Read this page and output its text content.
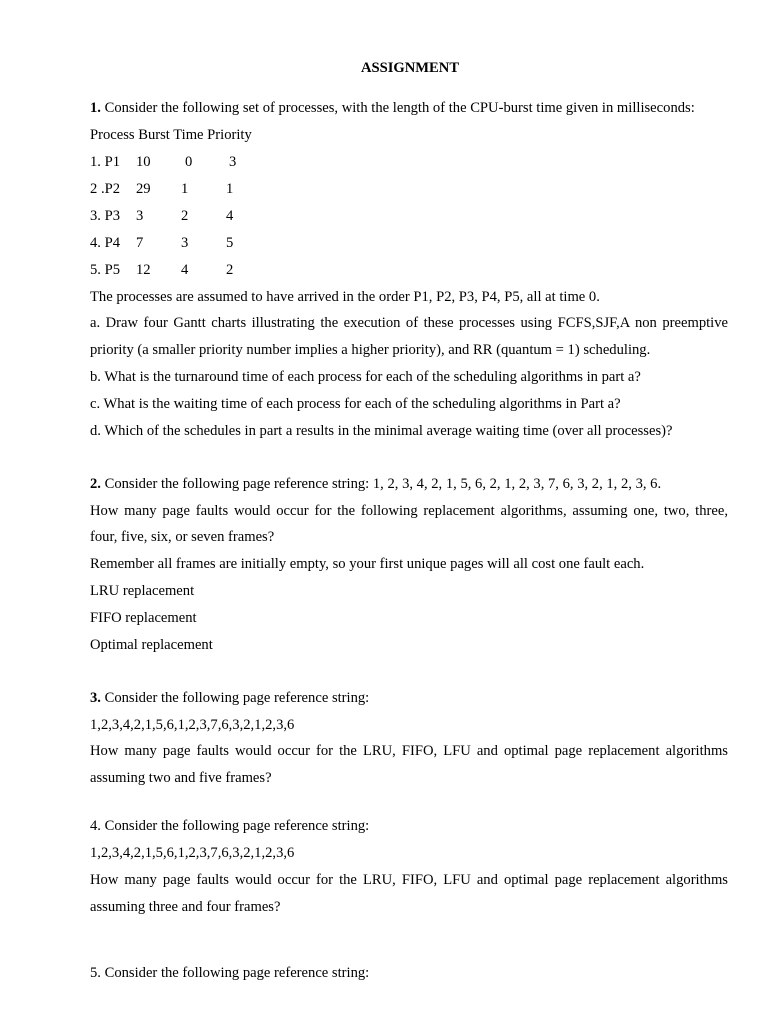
ASSIGNMENT
1. Consider the following set of processes, with the length of the CPU-burst time given in milliseconds:
Process Burst Time Priority
1. P1 10 0	3
2 .P2 29 1	1
3. P3 3	2	4
4. P4 7	3	5
5. P5 12 4	2
The processes are assumed to have arrived in the order P1, P2, P3, P4, P5, all at time 0.
a. Draw four Gantt charts illustrating the execution of these processes using FCFS,SJF,A non preemptive
priority (a smaller priority number implies a higher priority), and RR (quantum = 1) scheduling.
b. What is the turnaround time of each process for each of the scheduling algorithms in part a?
c. What is the waiting time of each process for each of the scheduling algorithms in Part a?
d. Which of the schedules in part a results in the minimal average waiting time (over all processes)?
2. Consider the following page reference string: 1, 2, 3, 4, 2, 1, 5, 6, 2, 1, 2, 3, 7, 6, 3, 2, 1, 2, 3, 6.
How many page faults would occur for the following replacement algorithms, assuming one, two, three,
four, five, six, or seven frames?
Remember all frames are initially empty, so your first unique pages will all cost one fault each.
LRU replacement
FIFO replacement
Optimal replacement
3. Consider the following page reference string:
1,2,3,4,2,1,5,6,1,2,3,7,6,3,2,1,2,3,6
How many page faults would occur for the LRU, FIFO, LFU and optimal page replacement algorithms
assuming two and five frames?
4. Consider the following page reference string:
1,2,3,4,2,1,5,6,1,2,3,7,6,3,2,1,2,3,6
How many page faults would occur for the LRU, FIFO, LFU and optimal page replacement algorithms
assuming three and four frames?
5. Consider the following page reference string:
